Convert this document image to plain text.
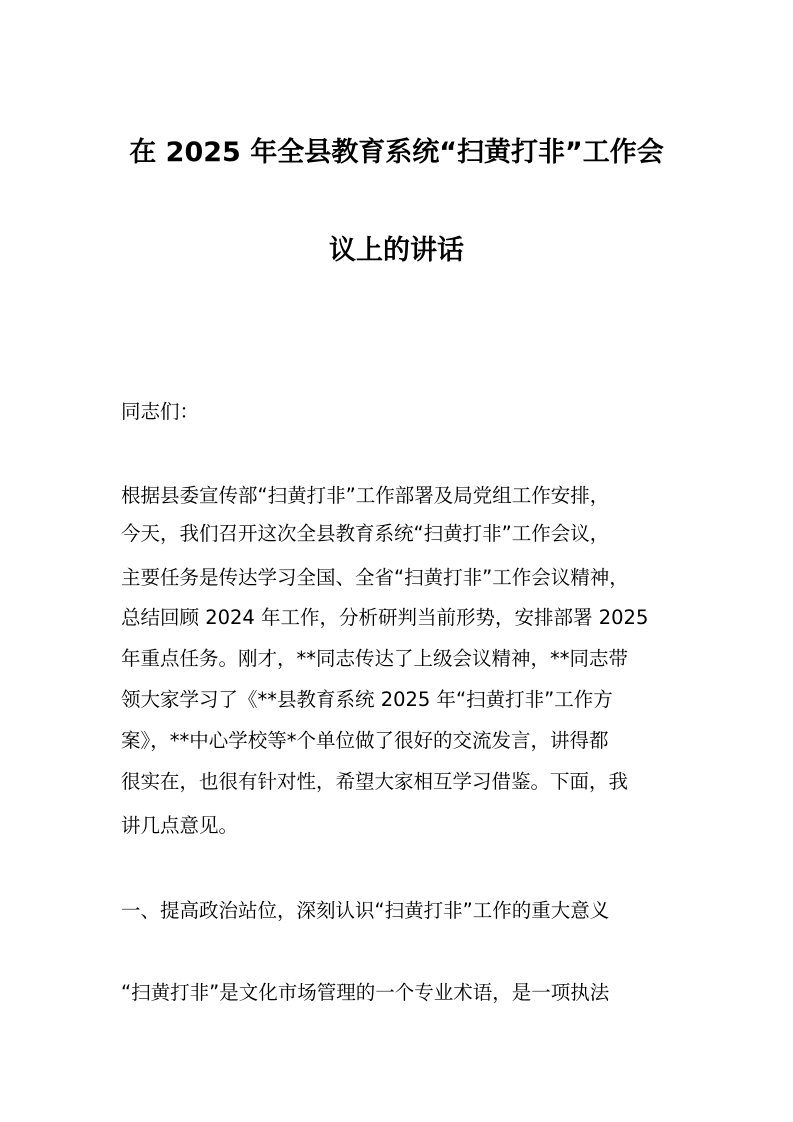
在 2025 年全县教育系统“扫黄打非”工作会
议上的讲话
同志们：
根据县委宣传部“扫黄打非”工作部署及局党组工作安排，
今天，我们召开这次全县教育系统“扫黄打非”工作会议，
主要任务是传达学习全国、全省“扫黄打非”工作会议精神，
总结回顾 2024 年工作，分析研判当前形势，安排部署 2025
年重点任务。刚才，**同志传达了上级会议精神，**同志带
领大家学习了《**县教育系统 2025 年“扫黄打非”工作方
案》，**中心学校等*个单位做了很好的交流发言，讲得都
很实在，也很有针对性，希望大家相互学习借鉴。下面，我
讲几点意见。
一、提高政治站位，深刻认识“扫黄打非”工作的重大意义
“扫黄打非”是文化市场管理的一个专业术语，是一项执法
